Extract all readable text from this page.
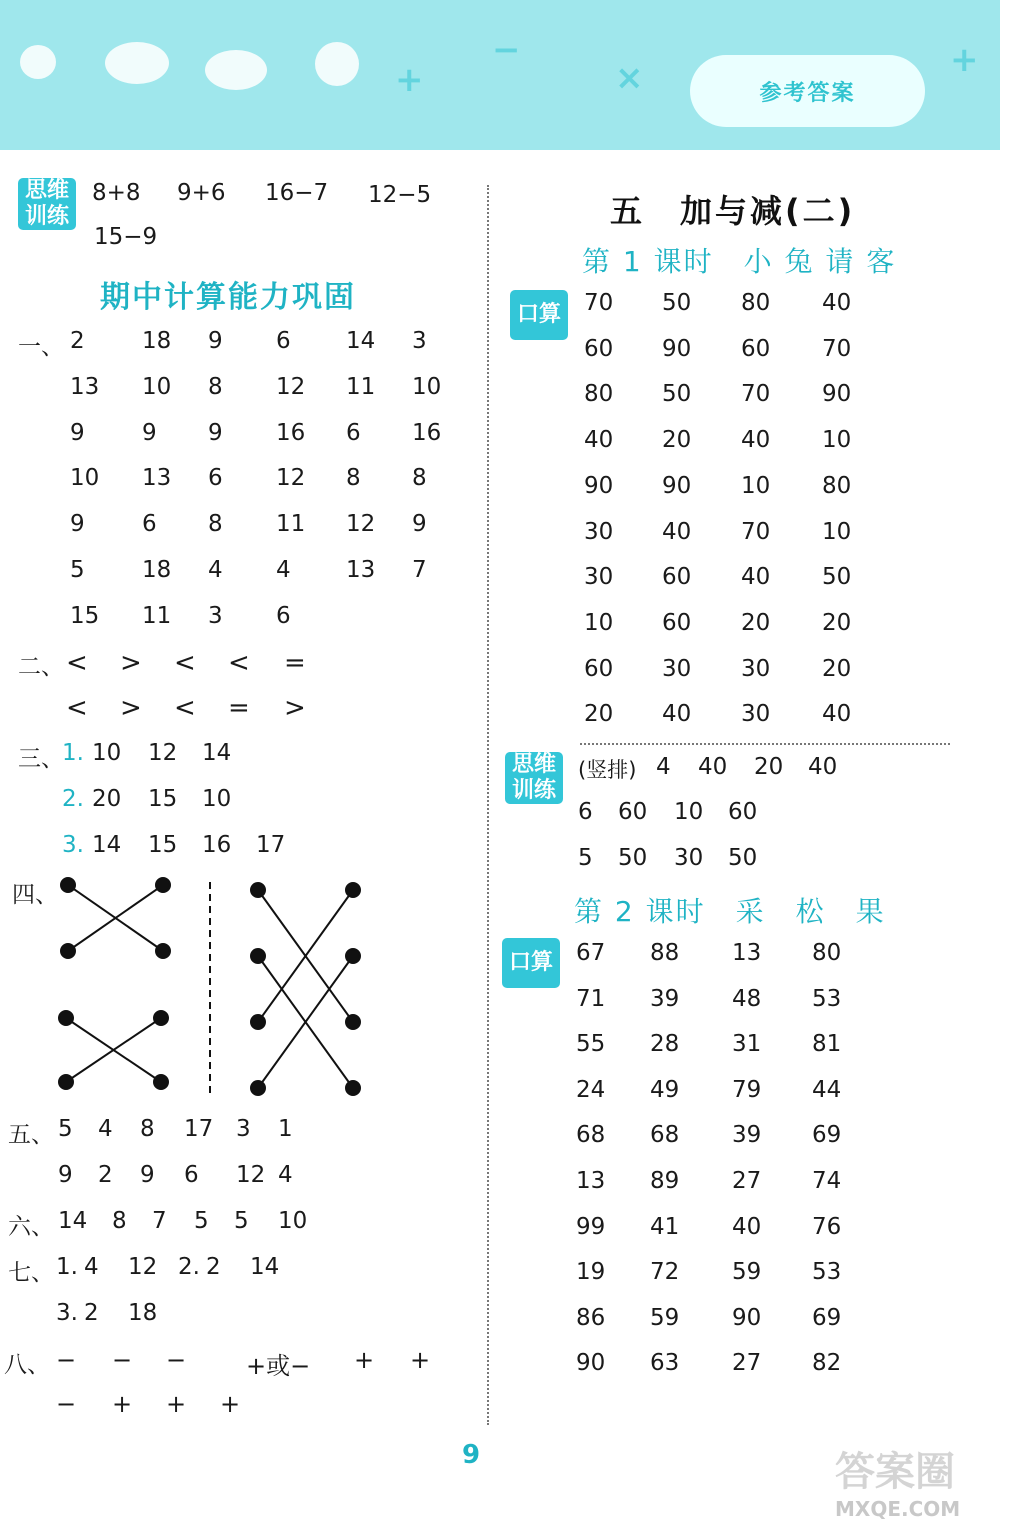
+
−
×	+
参考答案
思维
训练
8+8 9+6 16−7 12−5
15−9
期中计算能力巩固
一、 2 18 9 6 14 3
13 10 8 12 11 10
9 9 9 16 6 16
10 13 6 12 8 8
9 6 8 11 12 9
5 18 4 4 13 7
15 11 3 6
二、 < > < < =
< > < = >
三、
1. 10 12 14
2. 20 15 10
3. 14 15 16 17
四、
五、 5 4 8 17 3 1
9 2 9 6 12 4
六、 14 8 7 5 5 10
七、 1. 4 12 2. 2 14
3. 2 18
八、 − − − +或− + +
− + + +
五　加与减(二)
第 1 课时　小 兔 请 客
口算	70 50 80 40
60 90 60 70
80 50 70 90
40 20 40 10
90 90 10 80
30 40 70 10
30 60 40 50
10 60 20 20
60 30 30 20
20 40 30 40
思维
训练
(竖排) 4 40 20 40
6 60 10 60
5 50 30 50
第 2 课时　采　松　果
口算	67 88 13 80
71 39 48 53
55 28 31 81
24 49 79 44
68 68 39 69
13 89 27 74
99 41 40 76
19 72 59 53
86 59 90 69
90 63 27 82
9	答案圈
MXQE.COM
